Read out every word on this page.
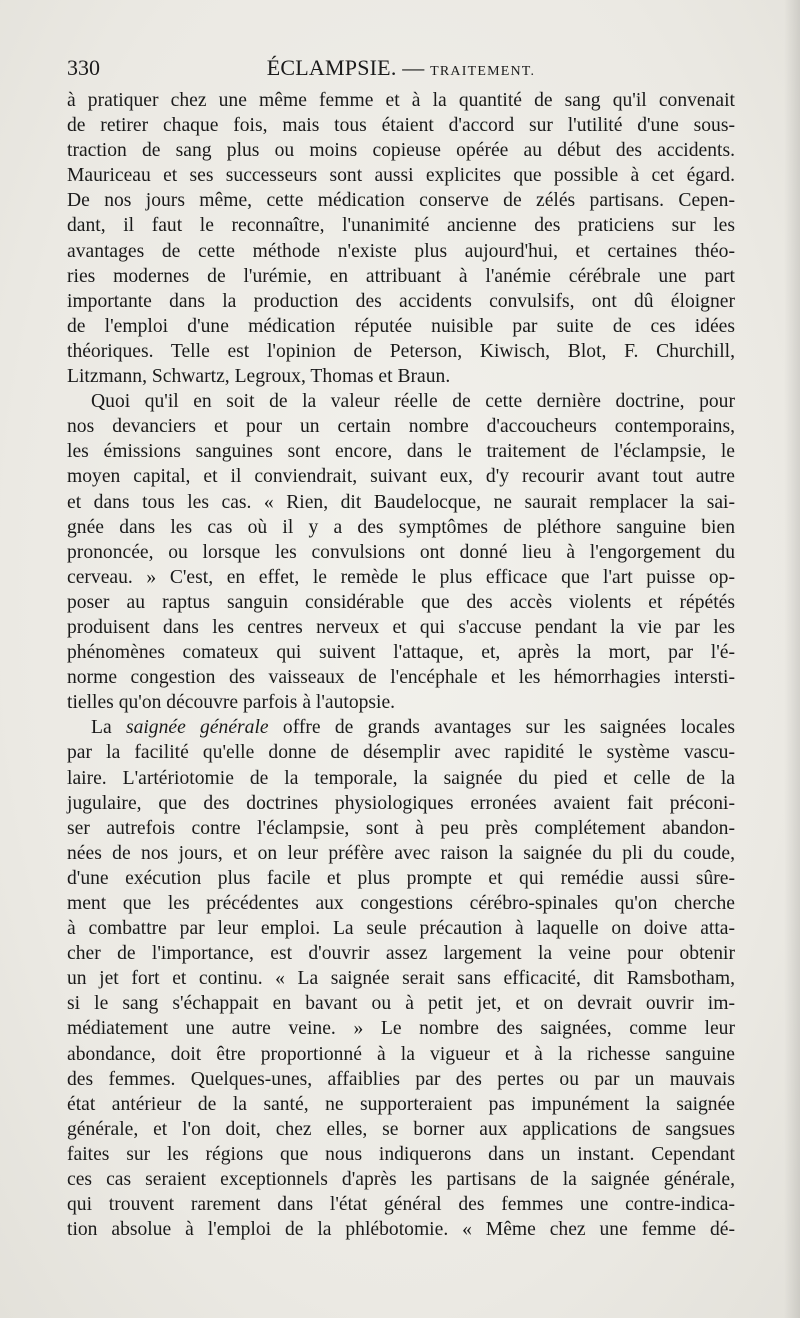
330	ÉCLAMPSIE. — TRAITEMENT.
à pratiquer chez une même femme et à la quantité de sang qu'il convenait
de retirer chaque fois, mais tous étaient d'accord sur l'utilité d'une sous-
traction de sang plus ou moins copieuse opérée au début des accidents.
Mauriceau et ses successeurs sont aussi explicites que possible à cet égard.
De nos jours même, cette médication conserve de zélés partisans. Cepen-
dant, il faut le reconnaître, l'unanimité ancienne des praticiens sur les
avantages de cette méthode n'existe plus aujourd'hui, et certaines théo-
ries modernes de l'urémie, en attribuant à l'anémie cérébrale une part
importante dans la production des accidents convulsifs, ont dû éloigner
de l'emploi d'une médication réputée nuisible par suite de ces idées
théoriques. Telle est l'opinion de Peterson, Kiwisch, Blot, F. Churchill,
Litzmann, Schwartz, Legroux, Thomas et Braun.
Quoi qu'il en soit de la valeur réelle de cette dernière doctrine, pour
nos devanciers et pour un certain nombre d'accoucheurs contemporains,
les émissions sanguines sont encore, dans le traitement de l'éclampsie, le
moyen capital, et il conviendrait, suivant eux, d'y recourir avant tout autre
et dans tous les cas. « Rien, dit Baudelocque, ne saurait remplacer la sai-
gnée dans les cas où il y a des symptômes de pléthore sanguine bien
prononcée, ou lorsque les convulsions ont donné lieu à l'engorgement du
cerveau. » C'est, en effet, le remède le plus efficace que l'art puisse op-
poser au raptus sanguin considérable que des accès violents et répétés
produisent dans les centres nerveux et qui s'accuse pendant la vie par les
phénomènes comateux qui suivent l'attaque, et, après la mort, par l'é-
norme congestion des vaisseaux de l'encéphale et les hémorrhagies intersti-
tielles qu'on découvre parfois à l'autopsie.
La saignée générale offre de grands avantages sur les saignées locales
par la facilité qu'elle donne de désemplir avec rapidité le système vascu-
laire. L'artériotomie de la temporale, la saignée du pied et celle de la
jugulaire, que des doctrines physiologiques erronées avaient fait préconi-
ser autrefois contre l'éclampsie, sont à peu près complétement abandon-
nées de nos jours, et on leur préfère avec raison la saignée du pli du coude,
d'une exécution plus facile et plus prompte et qui remédie aussi sûre-
ment que les précédentes aux congestions cérébro-spinales qu'on cherche
à combattre par leur emploi. La seule précaution à laquelle on doive atta-
cher de l'importance, est d'ouvrir assez largement la veine pour obtenir
un jet fort et continu. « La saignée serait sans efficacité, dit Ramsbotham,
si le sang s'échappait en bavant ou à petit jet, et on devrait ouvrir im-
médiatement une autre veine. » Le nombre des saignées, comme leur
abondance, doit être proportionné à la vigueur et à la richesse sanguine
des femmes. Quelques-unes, affaiblies par des pertes ou par un mauvais
état antérieur de la santé, ne supporteraient pas impunément la saignée
générale, et l'on doit, chez elles, se borner aux applications de sangsues
faites sur les régions que nous indiquerons dans un instant. Cependant
ces cas seraient exceptionnels d'après les partisans de la saignée générale,
qui trouvent rarement dans l'état général des femmes une contre-indica-
tion absolue à l'emploi de la phlébotomie. « Même chez une femme dé-
